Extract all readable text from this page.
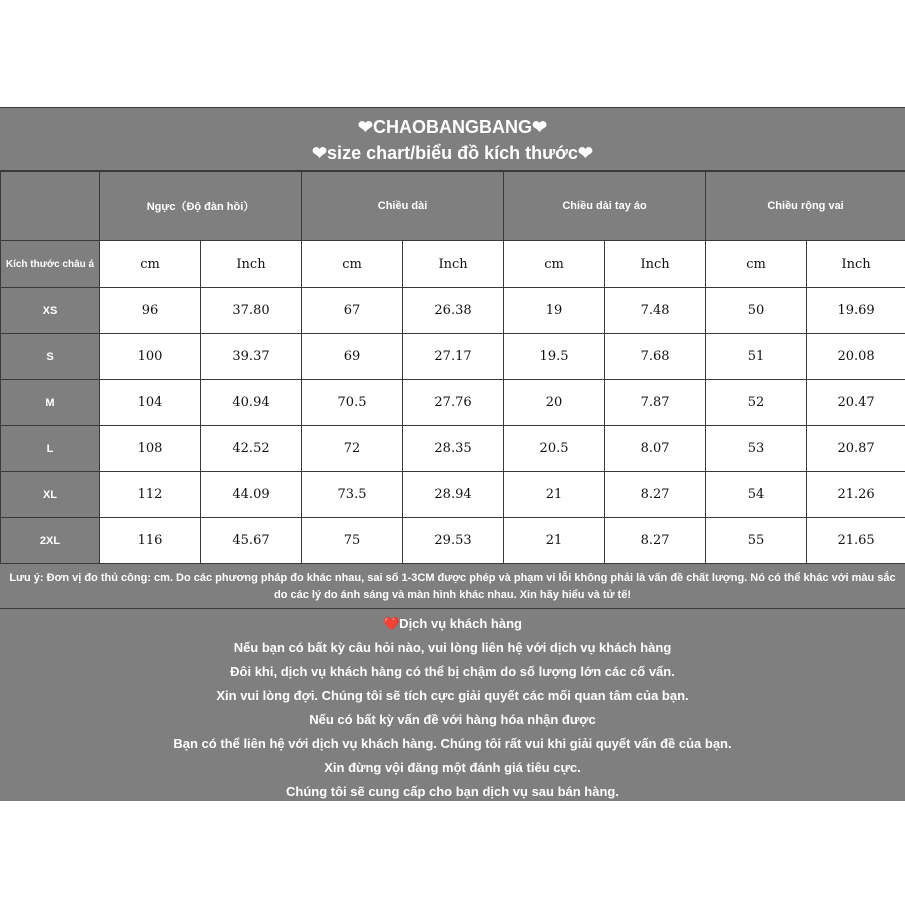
❤CHAOBANGBANG❤
❤size chart/biểu đồ kích thước❤
	Ngực（Độ đàn hồi）		Chiều dài		Chiều dài tay áo		Chiều rộng vai	
Kích thước châu á	cm	Inch	cm	Inch	cm	Inch	cm	Inch
XS	96	37.80	67	26.38	19	7.48	50	19.69
S	100	39.37	69	27.17	19.5	7.68	51	20.08
M	104	40.94	70.5	27.76	20	7.87	52	20.47
L	108	42.52	72	28.35	20.5	8.07	53	20.87
XL	112	44.09	73.5	28.94	21	8.27	54	21.26
2XL	116	45.67	75	29.53	21	8.27	55	21.65
Lưu ý: Đơn vị đo thủ công: cm. Do các phương pháp đo khác nhau, sai số 1-3CM được phép và phạm vi lỗi không phải là vấn đề chất lượng. Nó có thể khác với màu sắc
do các lý do ánh sáng và màn hình khác nhau. Xin hãy hiểu và tử tế!
❤️Dịch vụ khách hàng
Nếu bạn có bất kỳ câu hỏi nào, vui lòng liên hệ với dịch vụ khách hàng
Đôi khi, dịch vụ khách hàng có thể bị chậm do số lượng lớn các cố vấn.
Xin vui lòng đợi. Chúng tôi sẽ tích cực giải quyết các mối quan tâm của bạn.
Nếu có bất kỳ vấn đề với hàng hóa nhận được
Bạn có thể liên hệ với dịch vụ khách hàng. Chúng tôi rất vui khi giải quyết vấn đề của bạn.
Xin đừng vội đăng một đánh giá tiêu cực.
Chúng tôi sẽ cung cấp cho bạn dịch vụ sau bán hàng.
